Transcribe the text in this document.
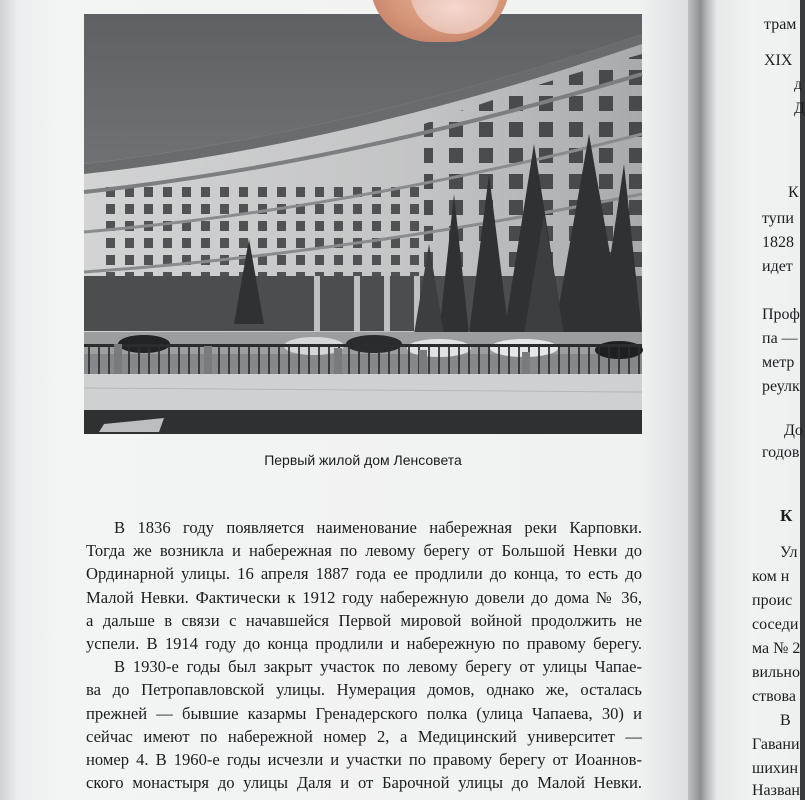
Первый жилой дом Ленсовета
В 1836 году появляется наименование набережная реки Карповки.
Тогда же возникла и набережная по левому берегу от Большой Невки до
Ординарной улицы. 16 апреля 1887 года ее продлили до конца, то есть до
Малой Невки. Фактически к 1912 году набережную довели до дома № 36,
а дальше в связи с начавшейся Первой мировой войной продолжить не
успели. В 1914 году до конца продлили и набережную по правому берегу.
В 1930-е годы был закрыт участок по левому берегу от улицы Чапае-
ва до Петропавловской улицы. Нумерация домов, однако же, осталась
прежней — бывшие казармы Гренадерского полка (улица Чапаева, 30) и
сейчас имеют по набережной номер 2, а Медицинский университет —
номер 4. В 1960-е годы исчезли и участки по правому берегу от Иоаннов-
ского монастыря до улицы Даля и от Барочной улицы до Малой Невки.
трам
XIX
д
Д
К
тупи
1828
идет
Проф
па —
метр
реулк
До
годов
К
Ул
ком н
проис
соседи
ма № 2
вильно
ствова
В
Гавани
шихин
Назван
